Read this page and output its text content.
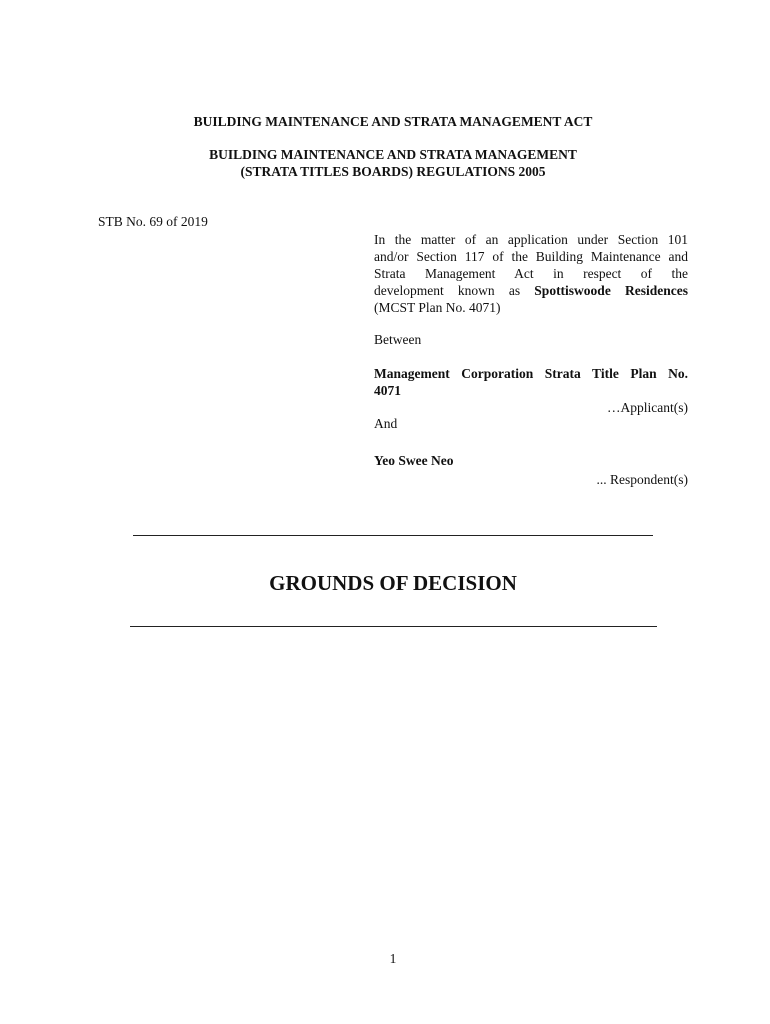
BUILDING MAINTENANCE AND STRATA MANAGEMENT ACT
BUILDING MAINTENANCE AND STRATA MANAGEMENT
(STRATA TITLES BOARDS) REGULATIONS 2005
STB No. 69 of 2019
In the matter of an application under Section 101
and/or Section 117 of the Building Maintenance and
Strata Management Act in respect of the
development known as Spottiswoode Residences
(MCST Plan No. 4071)
Between
Management Corporation Strata Title Plan No.
4071
…Applicant(s)
And
Yeo Swee Neo
... Respondent(s)
GROUNDS OF DECISION
1
